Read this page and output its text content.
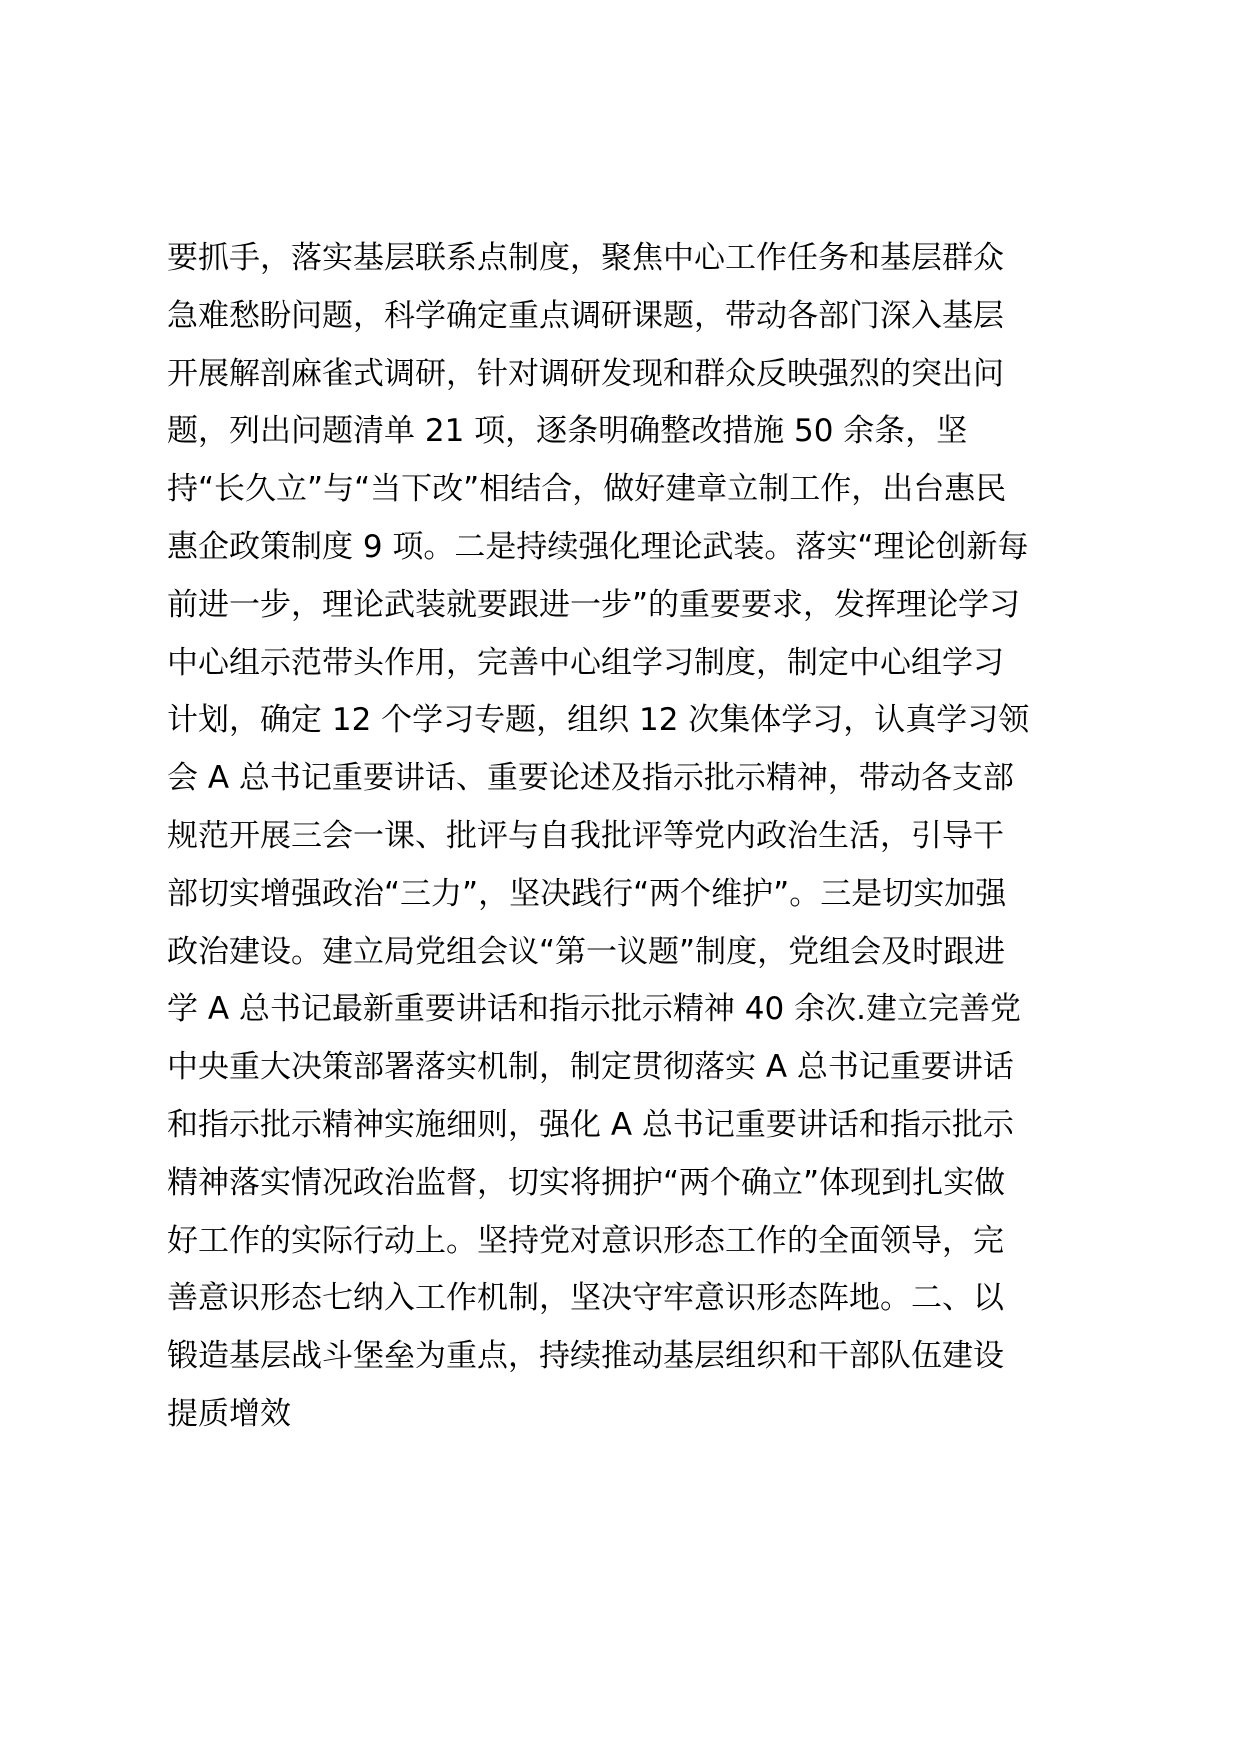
要抓手，落实基层联系点制度，聚焦中心工作任务和基层群众
急难愁盼问题，科学确定重点调研课题，带动各部门深入基层
开展解剖麻雀式调研，针对调研发现和群众反映强烈的突出问
题，列出问题清单 21 项，逐条明确整改措施 50 余条，坚
持“长久立”与“当下改”相结合，做好建章立制工作，出台惠民
惠企政策制度 9 项。二是持续强化理论武装。落实“理论创新每
前进一步，理论武装就要跟进一步”的重要要求，发挥理论学习
中心组示范带头作用，完善中心组学习制度，制定中心组学习
计划，确定 12 个学习专题，组织 12 次集体学习，认真学习领
会 A 总书记重要讲话、重要论述及指示批示精神，带动各支部
规范开展三会一课、批评与自我批评等党内政治生活，引导干
部切实增强政治“三力”，坚决践行“两个维护”。三是切实加强
政治建设。建立局党组会议“第一议题”制度，党组会及时跟进
学 A 总书记最新重要讲话和指示批示精神 40 余次.建立完善党
中央重大决策部署落实机制，制定贯彻落实 A 总书记重要讲话
和指示批示精神实施细则，强化 A 总书记重要讲话和指示批示
精神落实情况政治监督，切实将拥护“两个确立”体现到扎实做
好工作的实际行动上。坚持党对意识形态工作的全面领导，完
善意识形态七纳入工作机制，坚决守牢意识形态阵地。二、以
锻造基层战斗堡垒为重点，持续推动基层组织和干部队伍建设
提质增效
